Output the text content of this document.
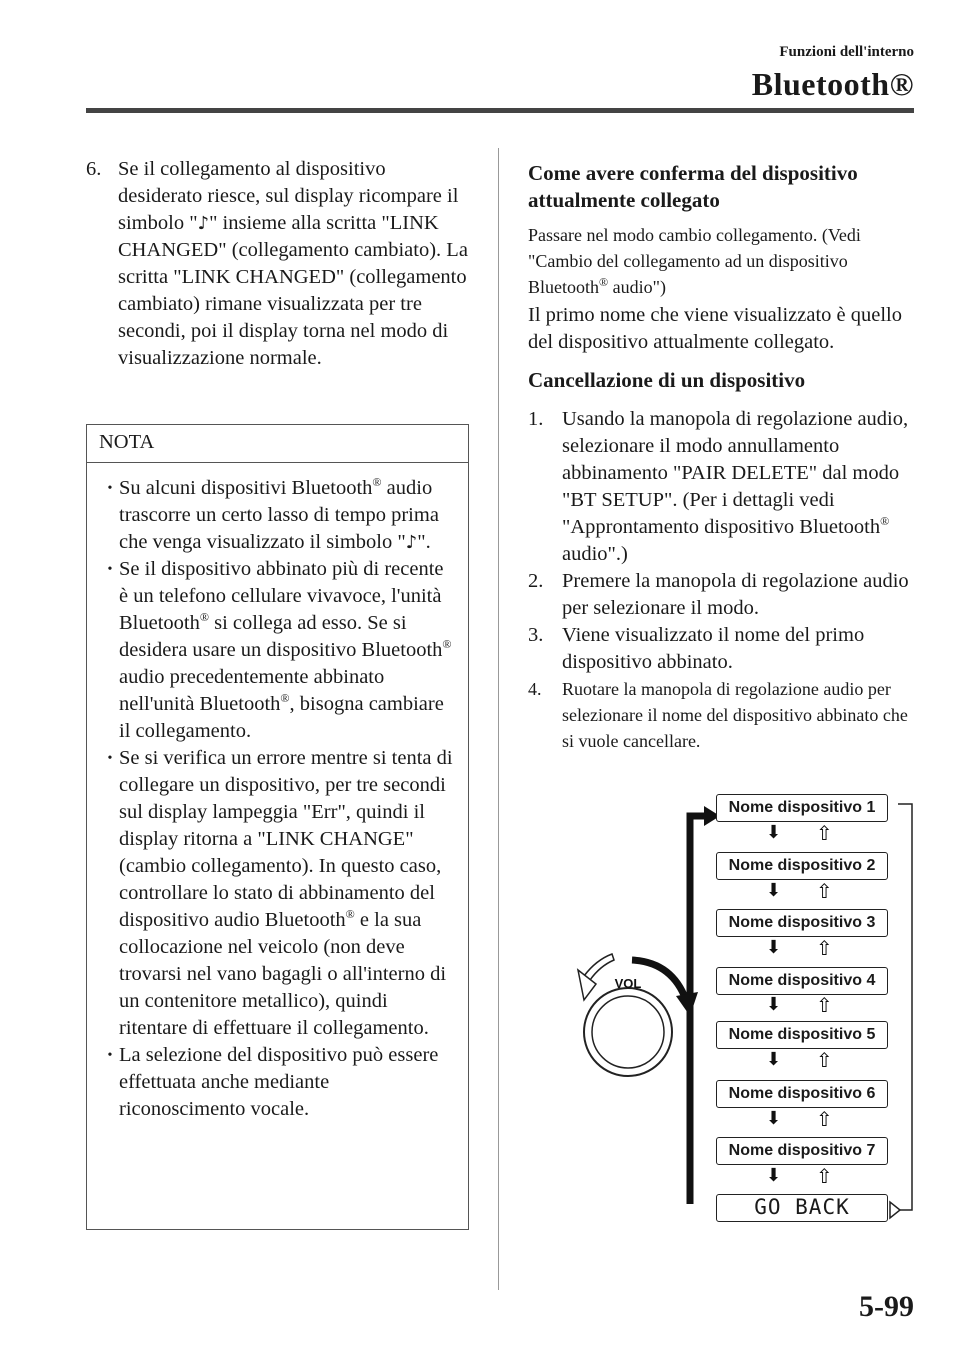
Funzioni dell'interno
Bluetooth®
6. Se il collegamento al dispositivo desiderato riesce, sul display ricompare il simbolo "♪" insieme alla scritta "LINK CHANGED" (collegamento cambiato). La scritta "LINK CHANGED" (collegamento cambiato) rimane visualizzata per tre secondi, poi il display torna nel modo di visualizzazione normale.
NOTA
• Su alcuni dispositivi Bluetooth® audio trascorre un certo lasso di tempo prima che venga visualizzato il simbolo "♪".
• Se il dispositivo abbinato più di recente è un telefono cellulare vivavoce, l'unità Bluetooth® si collega ad esso. Se si desidera usare un dispositivo Bluetooth® audio precedentemente abbinato nell'unità Bluetooth®, bisogna cambiare il collegamento.
• Se si verifica un errore mentre si tenta di collegare un dispositivo, per tre secondi sul display lampeggia "Err", quindi il display ritorna a "LINK CHANGE" (cambio collegamento). In questo caso, controllare lo stato di abbinamento del dispositivo audio Bluetooth® e la sua collocazione nel veicolo (non deve trovarsi nel vano bagagli o all'interno di un contenitore metallico), quindi ritentare di effettuare il collegamento.
• La selezione del dispositivo può essere effettuata anche mediante riconoscimento vocale.
Come avere conferma del dispositivo attualmente collegato
Passare nel modo cambio collegamento. (Vedi "Cambio del collegamento ad un dispositivo Bluetooth® audio")
Il primo nome che viene visualizzato è quello del dispositivo attualmente collegato.
Cancellazione di un dispositivo
1. Usando la manopola di regolazione audio, selezionare il modo annullamento abbinamento "PAIR DELETE" dal modo "BT SETUP". (Per i dettagli vedi "Approntamento dispositivo Bluetooth® audio".)
2. Premere la manopola di regolazione audio per selezionare il modo.
3. Viene visualizzato il nome del primo dispositivo abbinato.
4.	Ruotare la manopola di regolazione audio per selezionare il nome del dispositivo abbinato che si vuole cancellare.
VOL
Nome dispositivo 1
Nome dispositivo 2
Nome dispositivo 3
Nome dispositivo 4
Nome dispositivo 5
Nome dispositivo 6
Nome dispositivo 7
GO BACK
⬇ ⇧
⬇ ⇧
⬇ ⇧
⬇ ⇧
⬇ ⇧
⬇ ⇧
⬇ ⇧
5-99
